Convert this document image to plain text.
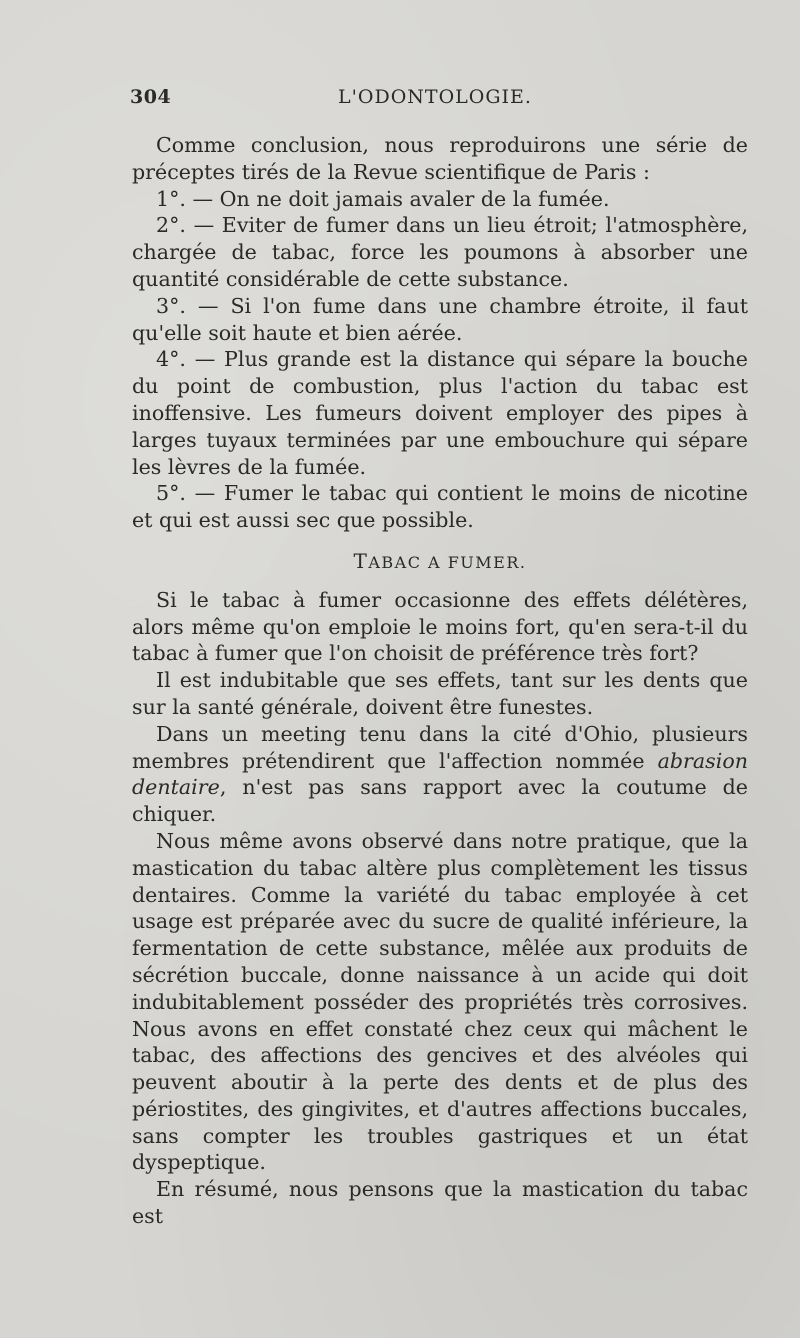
304	L'ODONTOLOGIE.

Comme conclusion, nous reproduirons une série de préceptes tirés de la Revue scientifique de Paris :

1°. — On ne doit jamais avaler de la fumée.

2°. — Eviter de fumer dans un lieu étroit; l'atmosphère, chargée de tabac, force les poumons à absorber une quantité considérable de cette substance.

3°. — Si l'on fume dans une chambre étroite, il faut qu'elle soit haute et bien aérée.

4°. — Plus grande est la distance qui sépare la bouche du point de combustion, plus l'action du tabac est inoffensive. Les fumeurs doivent employer des pipes à larges tuyaux terminées par une embouchure qui sépare les lèvres de la fumée.

5°. — Fumer le tabac qui contient le moins de nicotine et qui est aussi sec que possible.

TABAC A FUMER.

Si le tabac à fumer occasionne des effets délétères, alors même qu'on emploie le moins fort, qu'en sera-t-il du tabac à fumer que l'on choisit de préférence très fort?

Il est indubitable que ses effets, tant sur les dents que sur la santé générale, doivent être funestes.

Dans un meeting tenu dans la cité d'Ohio, plusieurs membres prétendirent que l'affection nommée abrasion dentaire, n'est pas sans rapport avec la coutume de chiquer.

Nous même avons observé dans notre pratique, que la mastication du tabac altère plus complètement les tissus dentaires. Comme la variété du tabac employée à cet usage est préparée avec du sucre de qualité inférieure, la fermentation de cette substance, mêlée aux produits de sécrétion buccale, donne naissance à un acide qui doit indubitablement posséder des propriétés très corrosives. Nous avons en effet constaté chez ceux qui mâchent le tabac, des affections des gencives et des alvéoles qui peuvent aboutir à la perte des dents et de plus des périostites, des gingivites, et d'autres affections buccales, sans compter les troubles gastriques et un état dyspeptique.

En résumé, nous pensons que la mastication du tabac est
